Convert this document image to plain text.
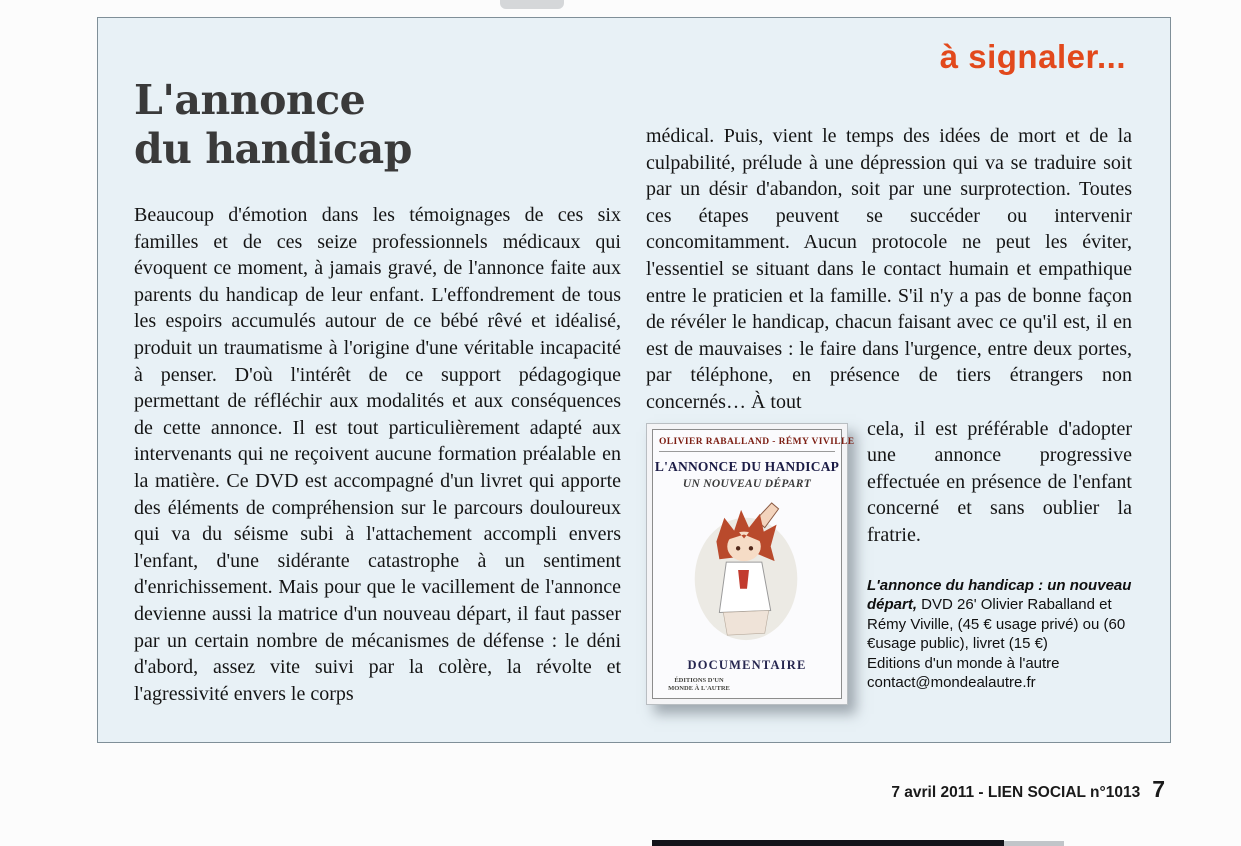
à signaler...
L'annonce
du handicap

Beaucoup d'émotion dans les témoignages de ces six familles et de ces seize professionnels médicaux qui évoquent ce moment, à jamais gravé, de l'annonce faite aux parents du handicap de leur enfant. L'effondrement de tous les espoirs accumulés autour de ce bébé rêvé et idéalisé, produit un traumatisme à l'origine d'une véritable incapacité à penser. D'où l'intérêt de ce support pédagogique permettant de réfléchir aux modalités et aux conséquences de cette annonce. Il est tout particulièrement adapté aux intervenants qui ne reçoivent aucune formation préalable en la matière. Ce DVD est accompagné d'un livret qui apporte des éléments de compréhension sur le parcours douloureux qui va du séisme subi à l'attachement accompli envers l'enfant, d'une sidérante catastrophe à un sentiment d'enrichissement. Mais pour que le vacillement de l'annonce devienne aussi la matrice d'un nouveau départ, il faut passer par un certain nombre de mécanismes de défense : le déni d'abord, assez vite suivi par la colère, la révolte et l'agressivité envers le corps

médical. Puis, vient le temps des idées de mort et de la culpabilité, prélude à une dépression qui va se traduire soit par un désir d'abandon, soit par une surprotection. Toutes ces étapes peuvent se succéder ou intervenir concomitamment. Aucun protocole ne peut les éviter, l'essentiel se situant dans le contact humain et empathique entre le praticien et la famille. S'il n'y a pas de bonne façon de révéler le handicap, chacun faisant avec ce qu'il est, il en est de mauvaises : le faire dans l'urgence, entre deux portes, par téléphone, en présence de tiers étrangers non concernés… À tout

OLIVIER RABALLAND - RÉMY VIVILLE
L'ANNONCE DU HANDICAP
UN NOUVEAU DÉPART
DOCUMENTAIRE
ÉDITIONS D'UN MONDE À L'AUTRE

cela, il est préférable d'adopter une annonce progressive effectuée en présence de l'enfant concerné et sans oublier la fratrie.

L'annonce du handicap : un nouveau départ, DVD 26' Olivier Raballand et Rémy Viville, (45 € usage privé) ou (60 €usage public), livret (15 €)
Editions d'un monde à l'autre
contact@mondealautre.fr
7 avril 2011 - LIEN SOCIAL n°1013 7
